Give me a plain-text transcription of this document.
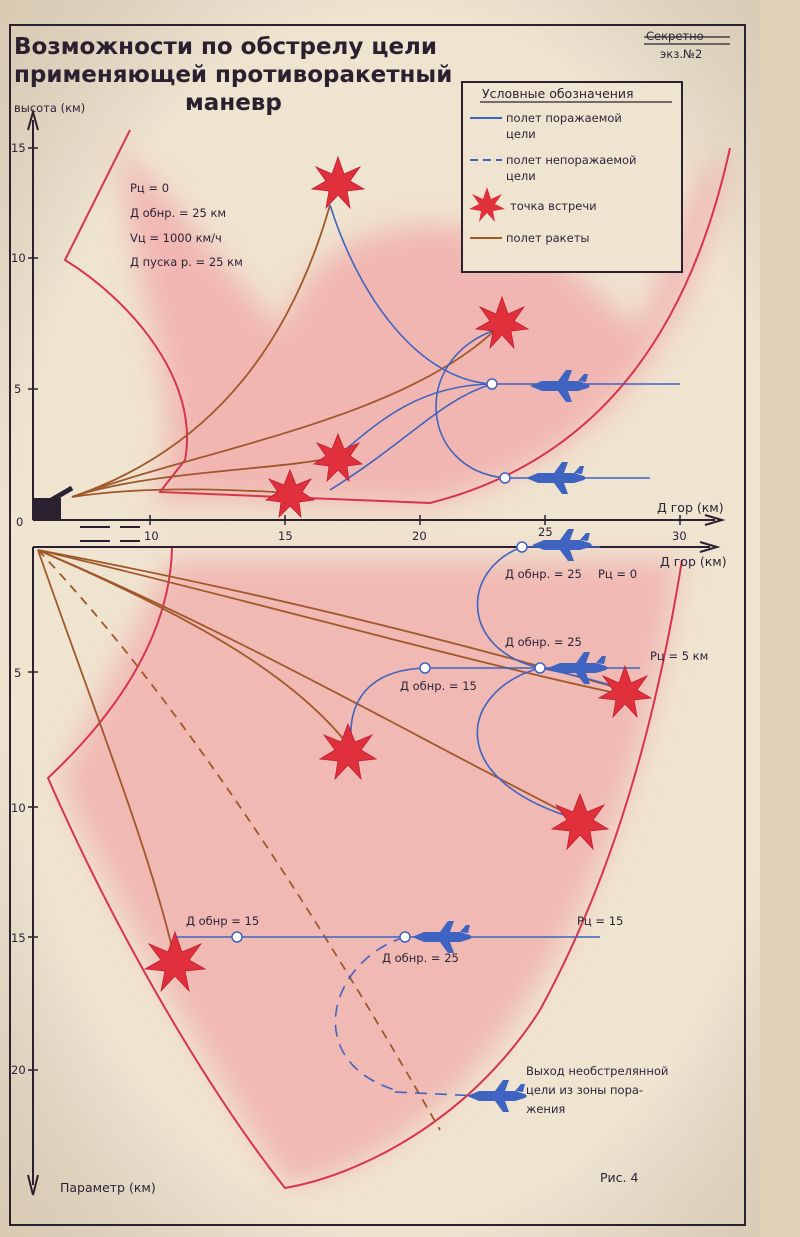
Условные обозначения
полет поражаемой
цели
полет непоражаемой
цели
точка встречи
полет ракеты
Возможности по обстрелу цели
применяющей противоракетный
маневр
Секретно
экз.№2
высота (км)
Д гор (км)
15
10
5
0
10	15	20	25	30
Рц = 0
Д обнр. = 25 км
Vц = 1000 км/ч
Д пуска р. = 25 км
Д гор (км)
5
10
15
20
Параметр (км)
Д обнр. = 25 Рц = 0
Д обнр. = 25
Д обнр. = 15
Рц = 5 км
Д обнр = 15
Д обнр. = 25
Рц = 15
Выход необстрелянной
цели из зоны пора-
жения
Рис. 4
